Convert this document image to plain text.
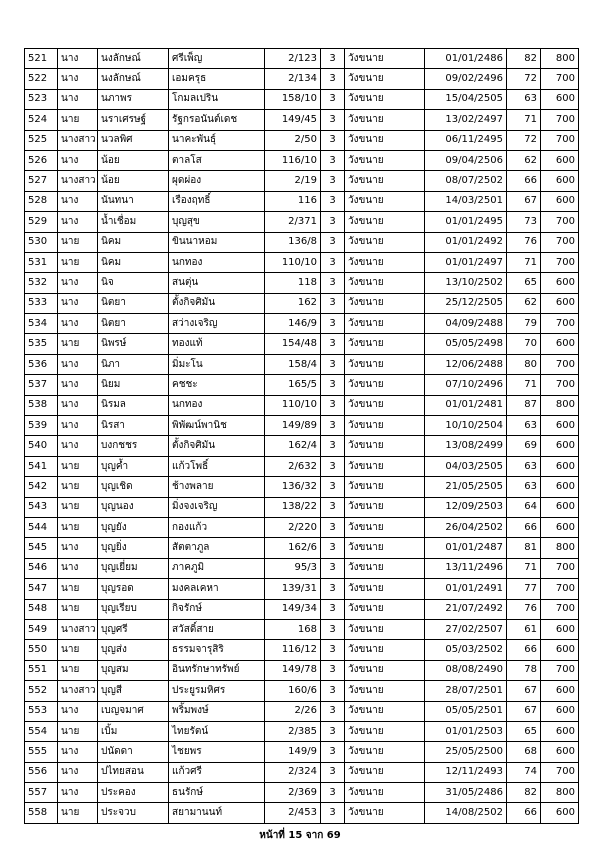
521	นาง	นงลักษณ์	ศรีเพ็ญ	2/123	3	วังขนาย	01/01/2486	82	800
522	นาง	นงลักษณ์	เอมครุธ	2/134	3	วังขนาย	09/02/2496	72	700
523	นาง	นภาพร	โกมลเปริน	158/10	3	วังขนาย	15/04/2505	63	600
524	นาย	นราเศรษฐ์	รัฐกรอนันต์เดช	149/45	3	วังขนาย	13/02/2497	71	700
525	นางสาว	นวลพิศ	นาคะพันธุ์	2/50	3	วังขนาย	06/11/2495	72	700
526	นาง	น้อย	ตาลโส	116/10	3	วังขนาย	09/04/2506	62	600
527	นางสาว	น้อย	ผุดผ่อง	2/19	3	วังขนาย	08/07/2502	66	600
528	นาง	นันทนา	เรืองฤทธิ์	116	3	วังขนาย	14/03/2501	67	600
529	นาง	น้ำเชื่อม	บุญสุข	2/371	3	วังขนาย	01/01/2495	73	700
530	นาย	นิคม	ขินนาหอม	136/8	3	วังขนาย	01/01/2492	76	700
531	นาย	นิคม	นกทอง	110/10	3	วังขนาย	01/01/2497	71	700
532	นาง	นิจ	สนตุ่น	118	3	วังขนาย	13/10/2502	65	600
533	นาง	นิตยา	ตั้งกิจศิมัน	162	3	วังขนาย	25/12/2505	62	600
534	นาง	นิตยา	สว่างเจริญ	146/9	3	วังขนาย	04/09/2488	79	700
535	นาย	นิพรษ์	ทองแท้	154/48	3	วังขนาย	05/05/2498	70	600
536	นาง	นิภา	มิ่มะโน	158/4	3	วังขนาย	12/06/2488	80	700
537	นาง	นิยม	คชชะ	165/5	3	วังขนาย	07/10/2496	71	700
538	นาง	นิรมล	นกทอง	110/10	3	วังขนาย	01/01/2481	87	800
539	นาง	นิรสา	พิพัฒน์พานิช	149/89	3	วังขนาย	10/10/2504	63	600
540	นาง	บงกชชร	ตั้งกิจศิมัน	162/4	3	วังขนาย	13/08/2499	69	600
541	นาย	บุญค้ำ	แก้วโพธิ์	2/632	3	วังขนาย	04/03/2505	63	600
542	นาย	บุญเชิด	ช้างพลาย	136/32	3	วังขนาย	21/05/2505	63	600
543	นาย	บุญนอง	มิ่งจงเจริญ	138/22	3	วังขนาย	12/09/2503	64	600
544	นาย	บุญยัง	กองแก้ว	2/220	3	วังขนาย	26/04/2502	66	600
545	นาง	บุญยิ่ง	สัตตาภูล	162/6	3	วังขนาย	01/01/2487	81	800
546	นาง	บุญเยี่ยม	ภาคภูมิ	95/3	3	วังขนาย	13/11/2496	71	700
547	นาย	บุญรอด	มงคลเคหา	139/31	3	วังขนาย	01/01/2491	77	700
548	นาย	บุญเรียบ	กิจรักษ์	149/34	3	วังขนาย	21/07/2492	76	700
549	นางสาว	บุญศรี	สวัสดิ์สาย	168	3	วังขนาย	27/02/2507	61	600
550	นาย	บุญส่ง	ธรรมจารุสิริ	116/12	3	วังขนาย	05/03/2502	66	600
551	นาย	บุญสม	อินทรักษาทรัพย์	149/78	3	วังขนาย	08/08/2490	78	700
552	นางสาว	บุญสี	ประยูรมหิศร	160/6	3	วังขนาย	28/07/2501	67	600
553	นาง	เบญจมาศ	พริ้มพงษ์	2/26	3	วังขนาย	05/05/2501	67	600
554	นาย	เบิ้ม	ไทยรัตน์	2/385	3	วังขนาย	01/01/2503	65	600
555	นาง	ปนัดดา	ไชยพร	149/9	3	วังขนาย	25/05/2500	68	600
556	นาง	ปไทยสอน	แก้วศรี	2/324	3	วังขนาย	12/11/2493	74	700
557	นาง	ประคอง	ธนรักษ์	2/369	3	วังขนาย	31/05/2486	82	800
558	นาย	ประจวบ	สยามานนท์	2/453	3	วังขนาย	14/08/2502	66	600
หน้าที่ 15 จาก 69
